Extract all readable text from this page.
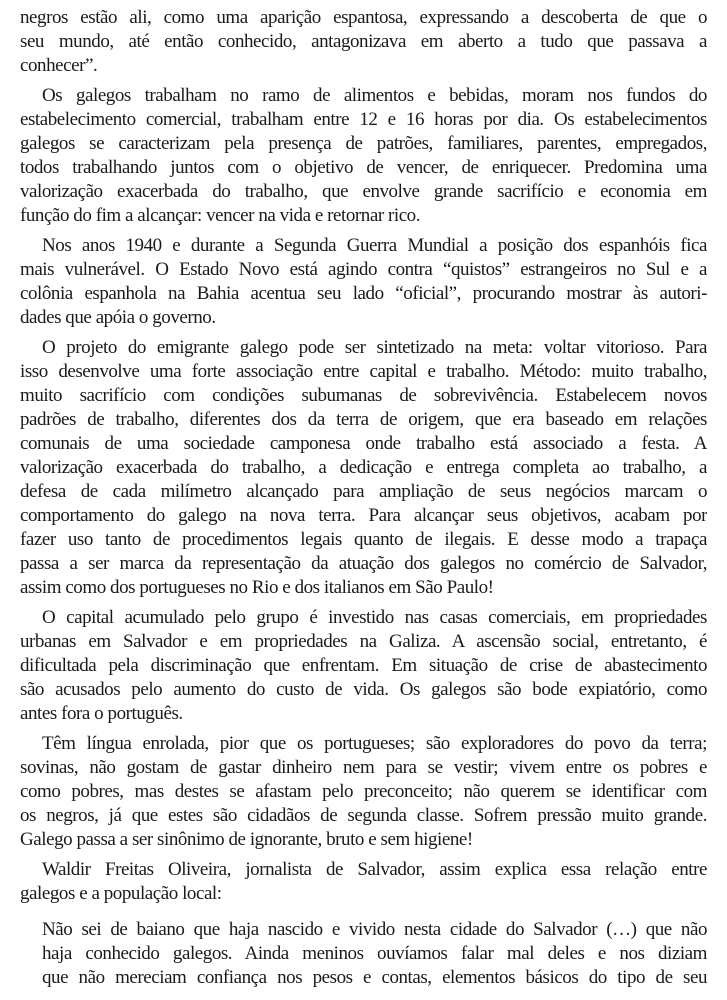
negros estão ali, como uma aparição espantosa, expressando a descoberta de que o
seu mundo, até então conhecido, antagonizava em aberto a tudo que passava a
conhecer”.
Os galegos trabalham no ramo de alimentos e bebidas, moram nos fundos do
estabelecimento comercial, trabalham entre 12 e 16 horas por dia. Os estabelecimentos
galegos se caracterizam pela presença de patrões, familiares, parentes, empregados,
todos trabalhando juntos com o objetivo de vencer, de enriquecer. Predomina uma
valorização exacerbada do trabalho, que envolve grande sacrifício e economia em
função do fim a alcançar: vencer na vida e retornar rico.
Nos anos 1940 e durante a Segunda Guerra Mundial a posição dos espanhóis fica
mais vulnerável. O Estado Novo está agindo contra “quistos” estrangeiros no Sul e a
colônia espanhola na Bahia acentua seu lado “oficial”, procurando mostrar às autori-
dades que apóia o governo.
O projeto do emigrante galego pode ser sintetizado na meta: voltar vitorioso. Para
isso desenvolve uma forte associação entre capital e trabalho. Método: muito trabalho,
muito sacrifício com condições subumanas de sobrevivência. Estabelecem novos
padrões de trabalho, diferentes dos da terra de origem, que era baseado em relações
comunais de uma sociedade camponesa onde trabalho está associado a festa. A
valorização exacerbada do trabalho, a dedicação e entrega completa ao trabalho, a
defesa de cada milímetro alcançado para ampliação de seus negócios marcam o
comportamento do galego na nova terra. Para alcançar seus objetivos, acabam por
fazer uso tanto de procedimentos legais quanto de ilegais. E desse modo a trapaça
passa a ser marca da representação da atuação dos galegos no comércio de Salvador,
assim como dos portugueses no Rio e dos italianos em São Paulo!
O capital acumulado pelo grupo é investido nas casas comerciais, em propriedades
urbanas em Salvador e em propriedades na Galiza. A ascensão social, entretanto, é
dificultada pela discriminação que enfrentam. Em situação de crise de abastecimento
são acusados pelo aumento do custo de vida. Os galegos são bode expiatório, como
antes fora o português.
Têm língua enrolada, pior que os portugueses; são exploradores do povo da terra;
sovinas, não gostam de gastar dinheiro nem para se vestir; vivem entre os pobres e
como pobres, mas destes se afastam pelo preconceito; não querem se identificar com
os negros, já que estes são cidadãos de segunda classe. Sofrem pressão muito grande.
Galego passa a ser sinônimo de ignorante, bruto e sem higiene!
Waldir Freitas Oliveira, jornalista de Salvador, assim explica essa relação entre
galegos e a população local:
Não sei de baiano que haja nascido e vivido nesta cidade do Salvador (…) que não
haja conhecido galegos. Ainda meninos ouvíamos falar mal deles e nos diziam
que não mereciam confiança nos pesos e contas, elementos básicos do tipo de seu
